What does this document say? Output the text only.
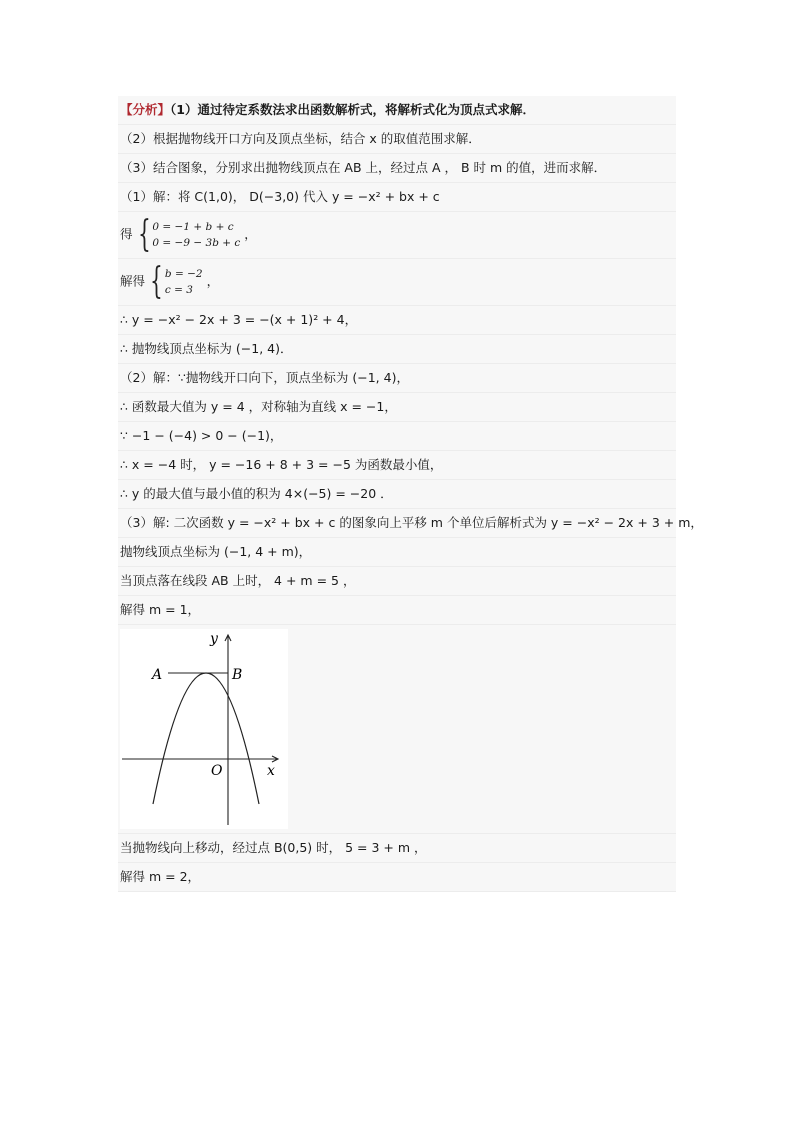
【分析】（1）通过待定系数法求出函数解析式，将解析式化为顶点式求解．
（2）根据抛物线开口方向及顶点坐标，结合 x 的取值范围求解．
（3）结合图象，分别求出抛物线顶点在 AB 上，经过点 A ， B 时 m 的值，进而求解．
（1）解：将 C(1,0)， D(−3,0) 代入 y = −x² + bx + c
得 { 0 = −1 + b + c
0 = −9 − 3b + c
，
解得 { b = −2
c = 3
，
∴ y = −x² − 2x + 3 = −(x + 1)² + 4，
∴ 抛物线顶点坐标为 (−1, 4)．
（2）解：∵抛物线开口向下，顶点坐标为 (−1, 4)，
∴ 函数最大值为 y = 4 ，对称轴为直线 x = −1，
∵ −1 − (−4) > 0 − (−1)，
∴ x = −4 时， y = −16 + 8 + 3 = −5 为函数最小值，
∴ y 的最大值与最小值的积为 4×(−5) = −20 ．
（3）解: 二次函数 y = −x² + bx + c 的图象向上平移 m 个单位后解析式为 y = −x² − 2x + 3 + m，
抛物线顶点坐标为 (−1, 4 + m)，
当顶点落在线段 AB 上时， 4 + m = 5 ，
解得 m = 1，
y
x
A	B
O
当抛物线向上移动，经过点 B(0,5) 时， 5 = 3 + m ，
解得 m = 2，
